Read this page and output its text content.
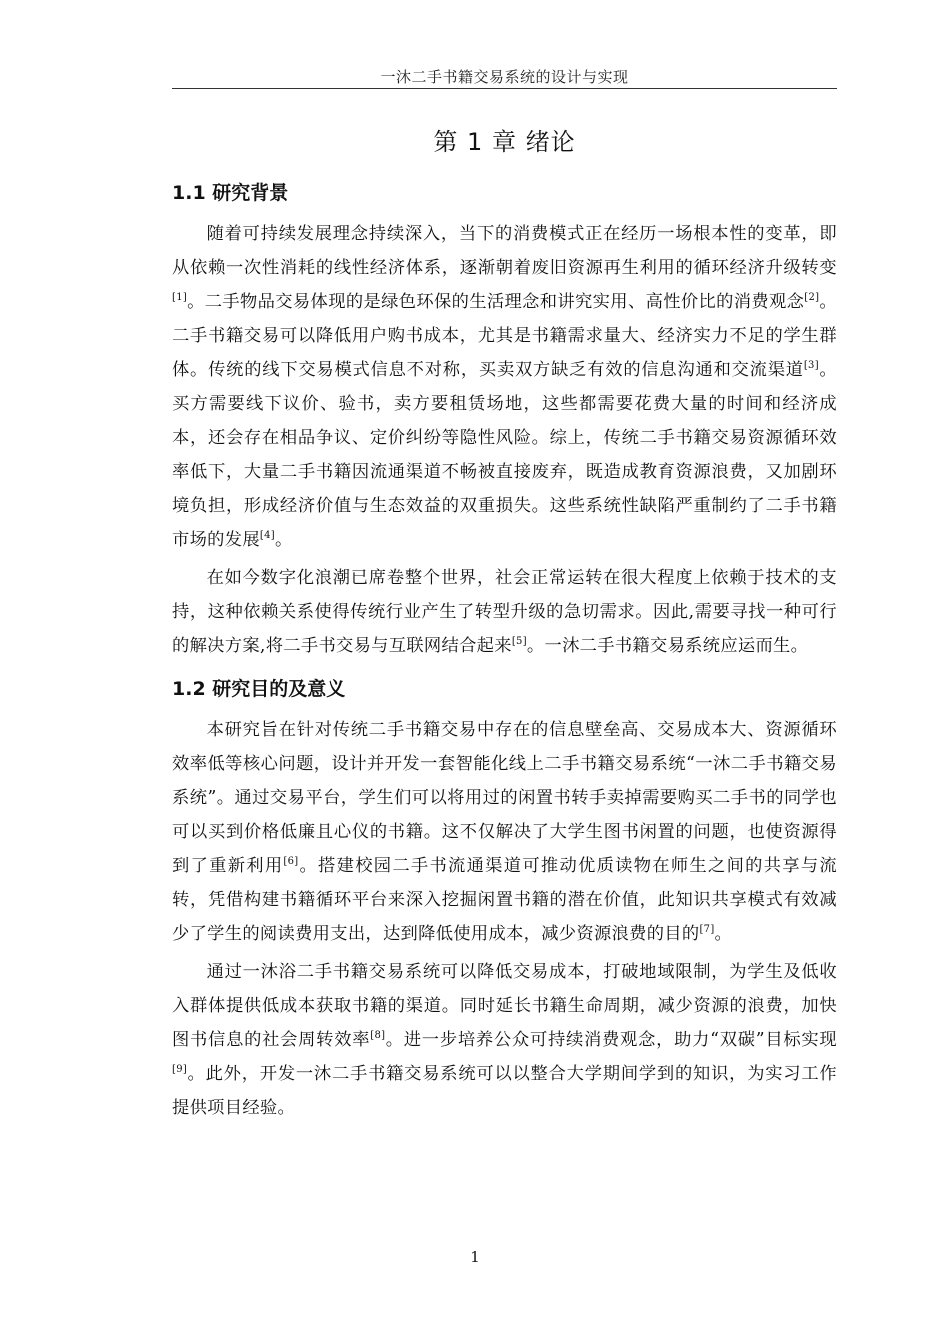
一沐二手书籍交易系统的设计与实现
第 1 章 绪论
1.1 研究背景

随着可持续发展理念持续深入，当下的消费模式正在经历一场根本性的变革，即从依赖一次性消耗的线性经济体系，逐渐朝着废旧资源再生利用的循环经济升级转变[1]。二手物品交易体现的是绿色环保的生活理念和讲究实用、高性价比的消费观念[2]。二手书籍交易可以降低用户购书成本，尤其是书籍需求量大、经济实力不足的学生群体。传统的线下交易模式信息不对称，买卖双方缺乏有效的信息沟通和交流渠道[3]。买方需要线下议价、验书，卖方要租赁场地，这些都需要花费大量的时间和经济成本，还会存在相品争议、定价纠纷等隐性风险。综上，传统二手书籍交易资源循环效率低下，大量二手书籍因流通渠道不畅被直接废弃，既造成教育资源浪费，又加剧环境负担，形成经济价值与生态效益的双重损失。这些系统性缺陷严重制约了二手书籍市场的发展[4]。

在如今数字化浪潮已席卷整个世界，社会正常运转在很大程度上依赖于技术的支持，这种依赖关系使得传统行业产生了转型升级的急切需求。因此,需要寻找一种可行的解决方案,将二手书交易与互联网结合起来[5]。一沐二手书籍交易系统应运而生。

1.2 研究目的及意义

本研究旨在针对传统二手书籍交易中存在的信息壁垒高、交易成本大、资源循环效率低等核心问题，设计并开发一套智能化线上二手书籍交易系统“一沐二手书籍交易系统”。通过交易平台，学生们可以将用过的闲置书转手卖掉需要购买二手书的同学也可以买到价格低廉且心仪的书籍。这不仅解决了大学生图书闲置的问题，也使资源得到了重新利用[6]。搭建校园二手书流通渠道可推动优质读物在师生之间的共享与流转，凭借构建书籍循环平台来深入挖掘闲置书籍的潜在价值，此知识共享模式有效减少了学生的阅读费用支出，达到降低使用成本，减少资源浪费的目的[7]。

通过一沐浴二手书籍交易系统可以降低交易成本，打破地域限制，为学生及低收入群体提供低成本获取书籍的渠道。同时延长书籍生命周期，减少资源的浪费，加快图书信息的社会周转效率[8]。进一步培养公众可持续消费观念，助力“双碳”目标实现[9]。此外，开发一沐二手书籍交易系统可以以整合大学期间学到的知识，为实习工作提供项目经验。

1
